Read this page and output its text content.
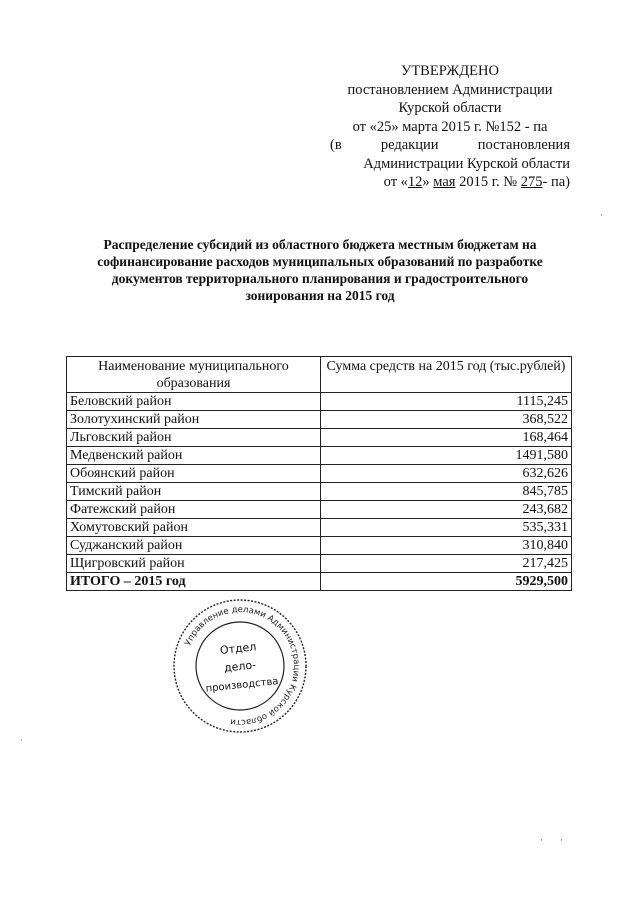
УТВЕРЖДЕНО
постановлением Администрации
Курской области
от «25» марта 2015 г. №152 - па
(в	редакции	постановления
Администрации Курской области
от «12» мая 2015 г. № 275- па)
Распределение субсидий из областного бюджета местным бюджетам на
софинансирование расходов муниципальных образований по разработке
документов территориального планирования и градостроительного
зонирования на 2015 год
Наименование муниципального образования	Сумма средств на 2015 год (тыс.рублей)
Беловский район	1115,245
Золотухинский район	368,522
Льговский район	168,464
Медвенский район	1491,580
Обоянский район	632,626
Тимский район	845,785
Фатежский район	243,682
Хомутовский район	535,331
Суджанский район	310,840
Щигровский район	217,425
ИТОГО – 2015 год	5929,500
Управление делами Администрации Курской области
Отдел
дело-
производства
·
· ·
·
